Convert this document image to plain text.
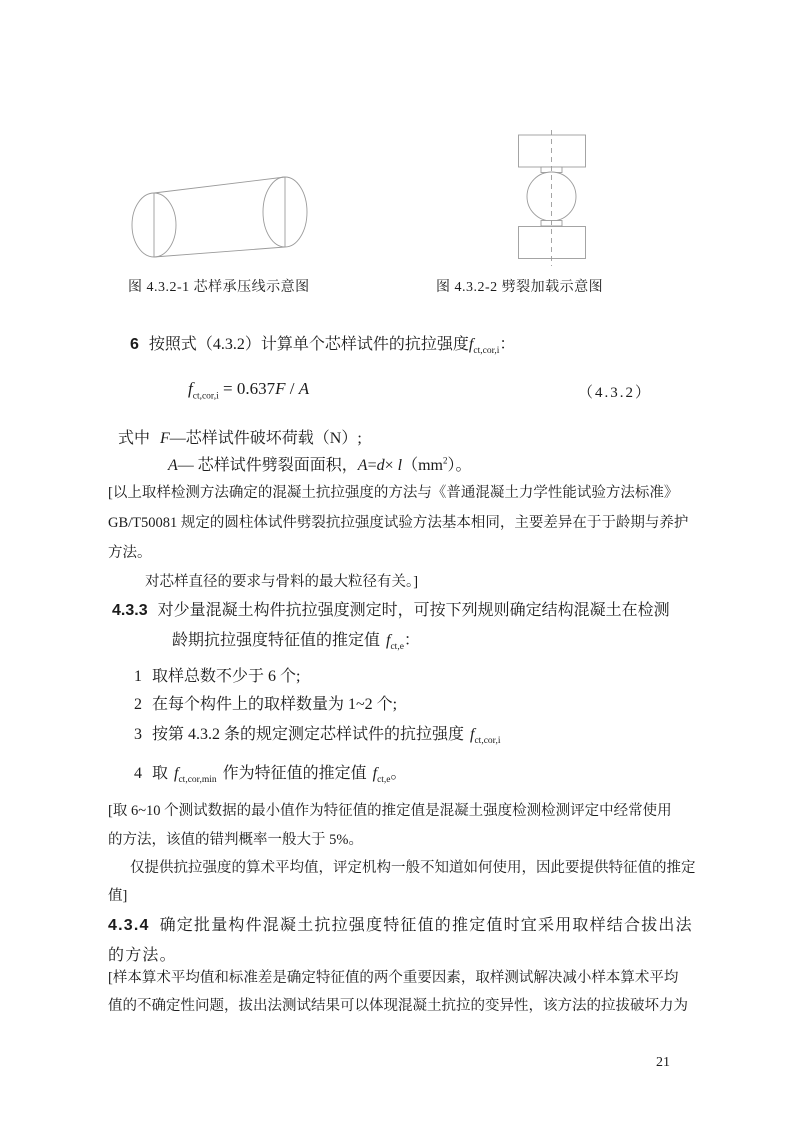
图 4.3.2-1 芯样承压线示意图	图 4.3.2-2 劈裂加载示意图
6 按照式（4.3.2）计算单个芯样试件的抗拉强度$f_{ct,cor,i}$：
$f_{ct,cor,i} = 0.637F / A$	（4.3.2）
式中 F—芯样试件破坏荷载（N）;
A— 芯样试件劈裂面面积，$A=d\times l(mm^2)$。
[以上取样检测方法确定的混凝土抗拉强度的方法与《普通混凝土力学性能试验方法标准》
GB/T50081 规定的圆柱体试件劈裂抗拉强度试验方法基本相同，主要差异在于于龄期与养护
方法。
对芯样直径的要求与骨料的最大粒径有关。]
4.3.3 对少量混凝土构件抗拉强度测定时，可按下列规则确定结构混凝土在检测
龄期抗拉强度特征值的推定值 $f_{ct,e}$：
1 取样总数不少于 6 个;
2 在每个构件上的取样数量为 1~2 个;
3 按第 4.3.2 条的规定测定芯样试件的抗拉强度 $f_{ct,cor,i}$
4 取 $f_{ct,cor,min}$ 作为特征值的推定值 $f_{ct,e}$。
[取 6~10 个测试数据的最小值作为特征值的推定值是混凝土强度检测检测评定中经常使用
的方法，该值的错判概率一般大于 5%。
仅提供抗拉强度的算术平均值，评定机构一般不知道如何使用，因此要提供特征值的推定
值]
4.3.4 确定批量构件混凝土抗拉强度特征值的推定值时宜采用取样结合拔出法
的方法。
[样本算术平均值和标准差是确定特征值的两个重要因素，取样测试解决减小样本算术平均
值的不确定性问题，拔出法测试结果可以体现混凝土抗拉的变异性，该方法的拉拔破坏力为
21
